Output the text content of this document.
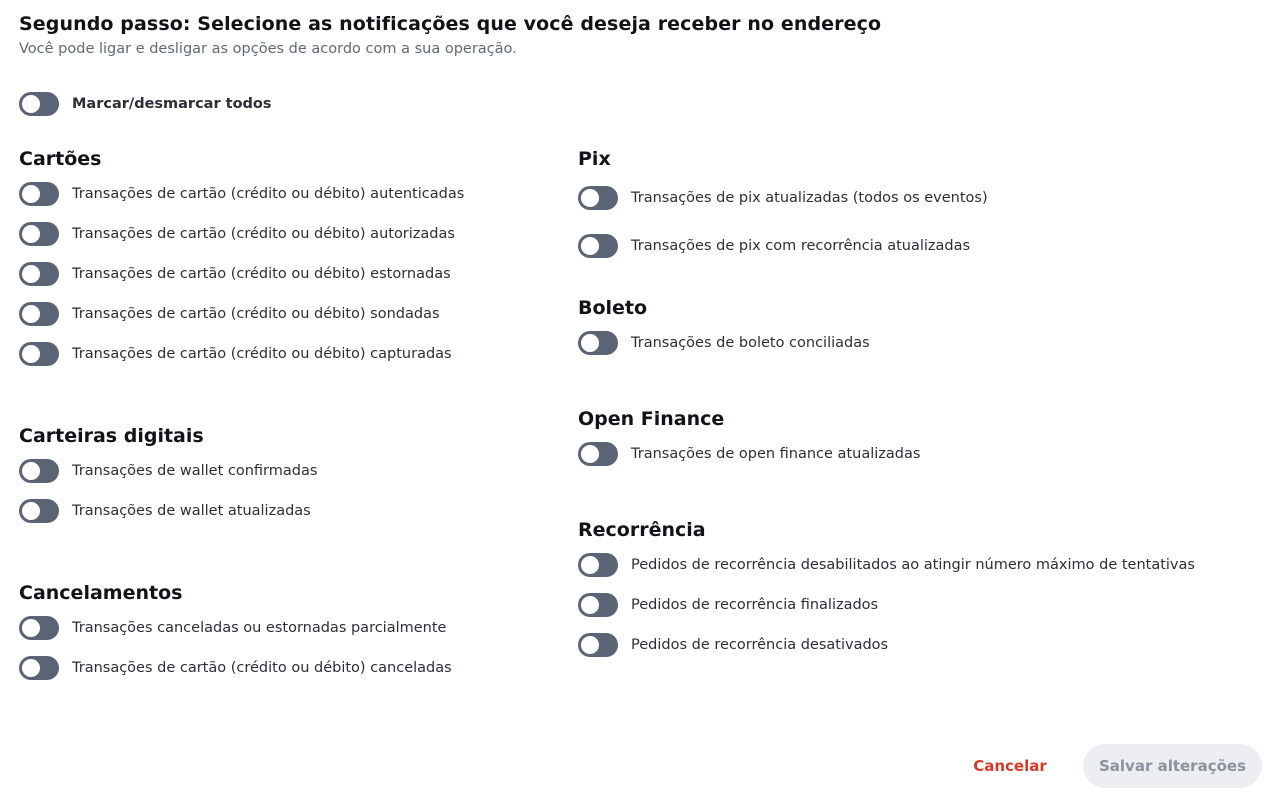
Segundo passo: Selecione as notificações que você deseja receber no endereço
Você pode ligar e desligar as opções de acordo com a sua operação.
Marcar/desmarcar todos
Cartões
Transações de cartão (crédito ou débito) autenticadas
Transações de cartão (crédito ou débito) autorizadas
Transações de cartão (crédito ou débito) estornadas
Transações de cartão (crédito ou débito) sondadas
Transações de cartão (crédito ou débito) capturadas
Carteiras digitais
Transações de wallet confirmadas
Transações de wallet atualizadas
Cancelamentos
Transações canceladas ou estornadas parcialmente
Transações de cartão (crédito ou débito) canceladas
Pix
Transações de pix atualizadas (todos os eventos)
Transações de pix com recorrência atualizadas
Boleto
Transações de boleto conciliadas
Open Finance
Transações de open finance atualizadas
Recorrência
Pedidos de recorrência desabilitados ao atingir número máximo de tentativas
Pedidos de recorrência finalizados
Pedidos de recorrência desativados
Cancelar	Salvar alterações
